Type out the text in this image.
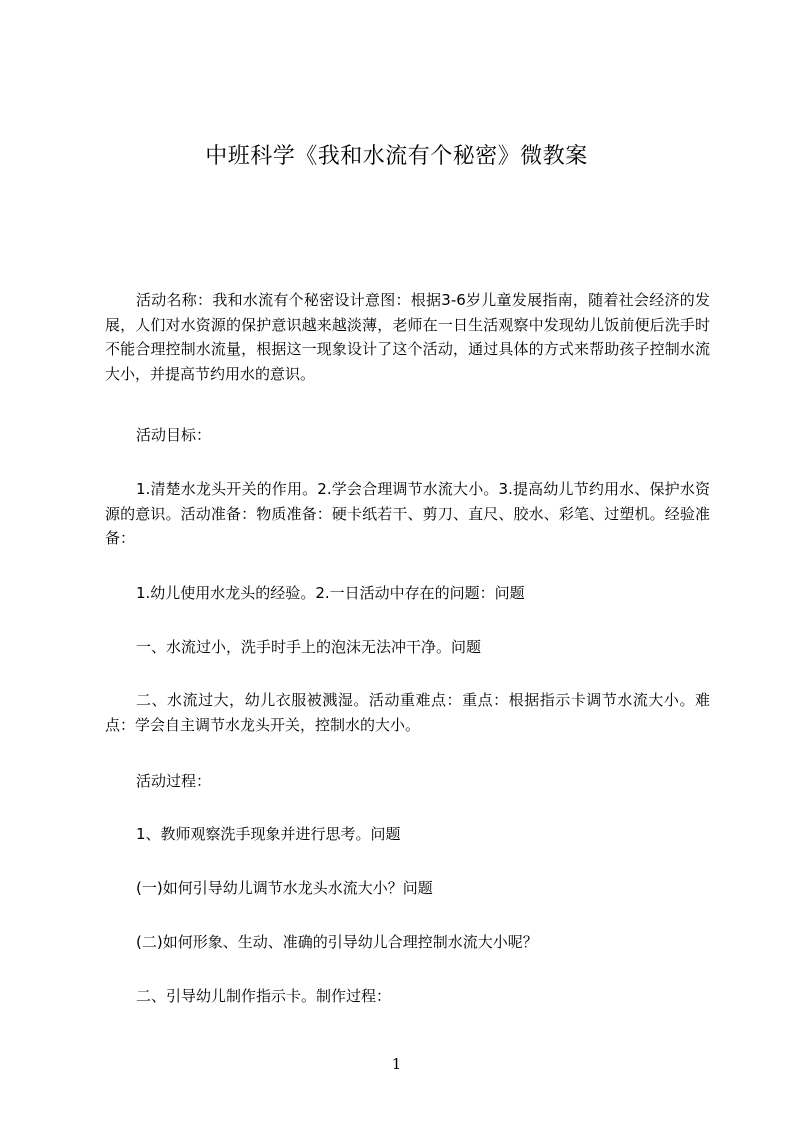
中班科学《我和水流有个秘密》微教案

活动名称：我和水流有个秘密设计意图：根据3-6岁儿童发展指南，随着社会经济的发展，人们对水资源的保护意识越来越淡薄，老师在一日生活观察中发现幼儿饭前便后洗手时不能合理控制水流量，根据这一现象设计了这个活动，通过具体的方式来帮助孩子控制水流大小，并提高节约用水的意识。

活动目标：

1.清楚水龙头开关的作用。2.学会合理调节水流大小。3.提高幼儿节约用水、保护水资源的意识。活动准备：物质准备：硬卡纸若干、剪刀、直尺、胶水、彩笔、过塑机。经验准备：

1.幼儿使用水龙头的经验。2.一日活动中存在的问题：问题

一、水流过小，洗手时手上的泡沫无法冲干净。问题

二、水流过大，幼儿衣服被溅湿。活动重难点：重点：根据指示卡调节水流大小。难点：学会自主调节水龙头开关，控制水的大小。

活动过程：

1、教师观察洗手现象并进行思考。问题

(一)如何引导幼儿调节水龙头水流大小？问题

(二)如何形象、生动、准确的引导幼儿合理控制水流大小呢？

二、引导幼儿制作指示卡。制作过程：

1
